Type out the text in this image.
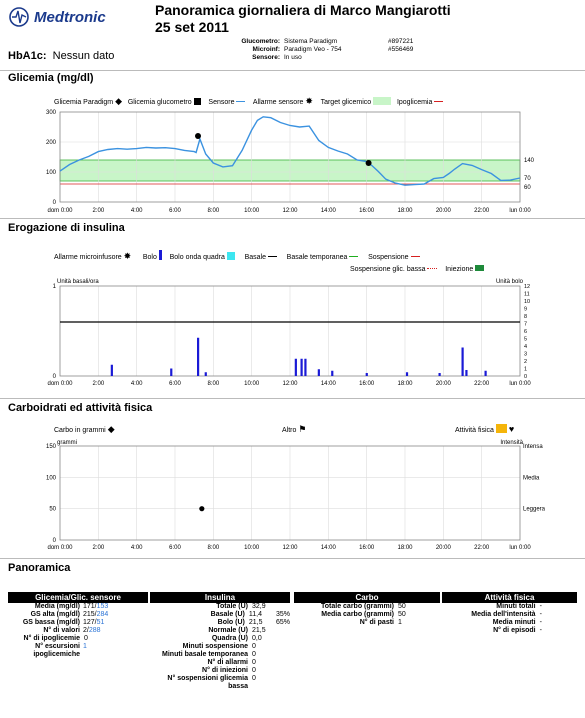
Medtronic	Panoramica giornaliera di Marco Mangiarotti
25 set 2011
Glucometro: Sistema Paradigm	#897221
Microinf: Paradigm Veo - 754	#556469
Sensore: In uso
HbA1c: Nessun dato
Glicemia (mg/dl)
Glicemia Paradigm ◆ Glicemia glucometro Sensore	Allarme sensore ✸ Target glicemico	Ipoglicemia
dom 0:00	2:00	4:00	6:00	8:00	10:00	12:00	14:00	16:00	18:00	20:00	22:00	lun 0:00
0
100
200
300
140
70
60
Erogazione di insulina
Allarme microinfusore ✸ Bolo Bolo onda quadra	Basale	Basale temporanea	Sospensione
Sospensione glic. bassa	Iniezione
Unità basali/ora	Unità bolo
dom 0:00	2:00	4:00	6:00	8:00	10:00	12:00	14:00	16:00	18:00	20:00	22:00	lun 0:00
0
1
0
1
2
3
4
5
6
7
8
9
10
11
12
Carboidrati ed attività fisica
Carbo in grammi ◆	Altro ⚑	Attività fisica ♥
grammi	Intensità
dom 0:00	2:00	4:00	6:00	8:00	10:00	12:00	14:00	16:00	18:00	20:00	22:00	lun 0:00
0
50
100
150	Intensa
Media
Leggera
Panoramica
Glicemia/Glic. sensore
Media (mg/dl) 171/ 153
GS alta (mg/dl) 215/ 284
GS bassa (mg/dl) 127/ 51
N° di valori 2/ 288
N° di ipoglicemie 0
N° escursioni ipoglicemiche
1
Insulina
Totale (U) 32,9
Basale (U) 11,4	35%
Bolo (U) 21,5	65%
Normale (U) 21,5
Quadra (U) 0,0
Minuti sospensione 0
Minuti basale temporanea 0
N° di allarmi 0
N° di iniezioni 0
N° sospensioni glicemia bassa
0
Carbo
Totale carbo (grammi) 50
Media carbo (grammi) 50
N° di pasti 1
Attività fisica
Minuti totali -
Media dell'intensità -
Media minuti -
N° di episodi -
